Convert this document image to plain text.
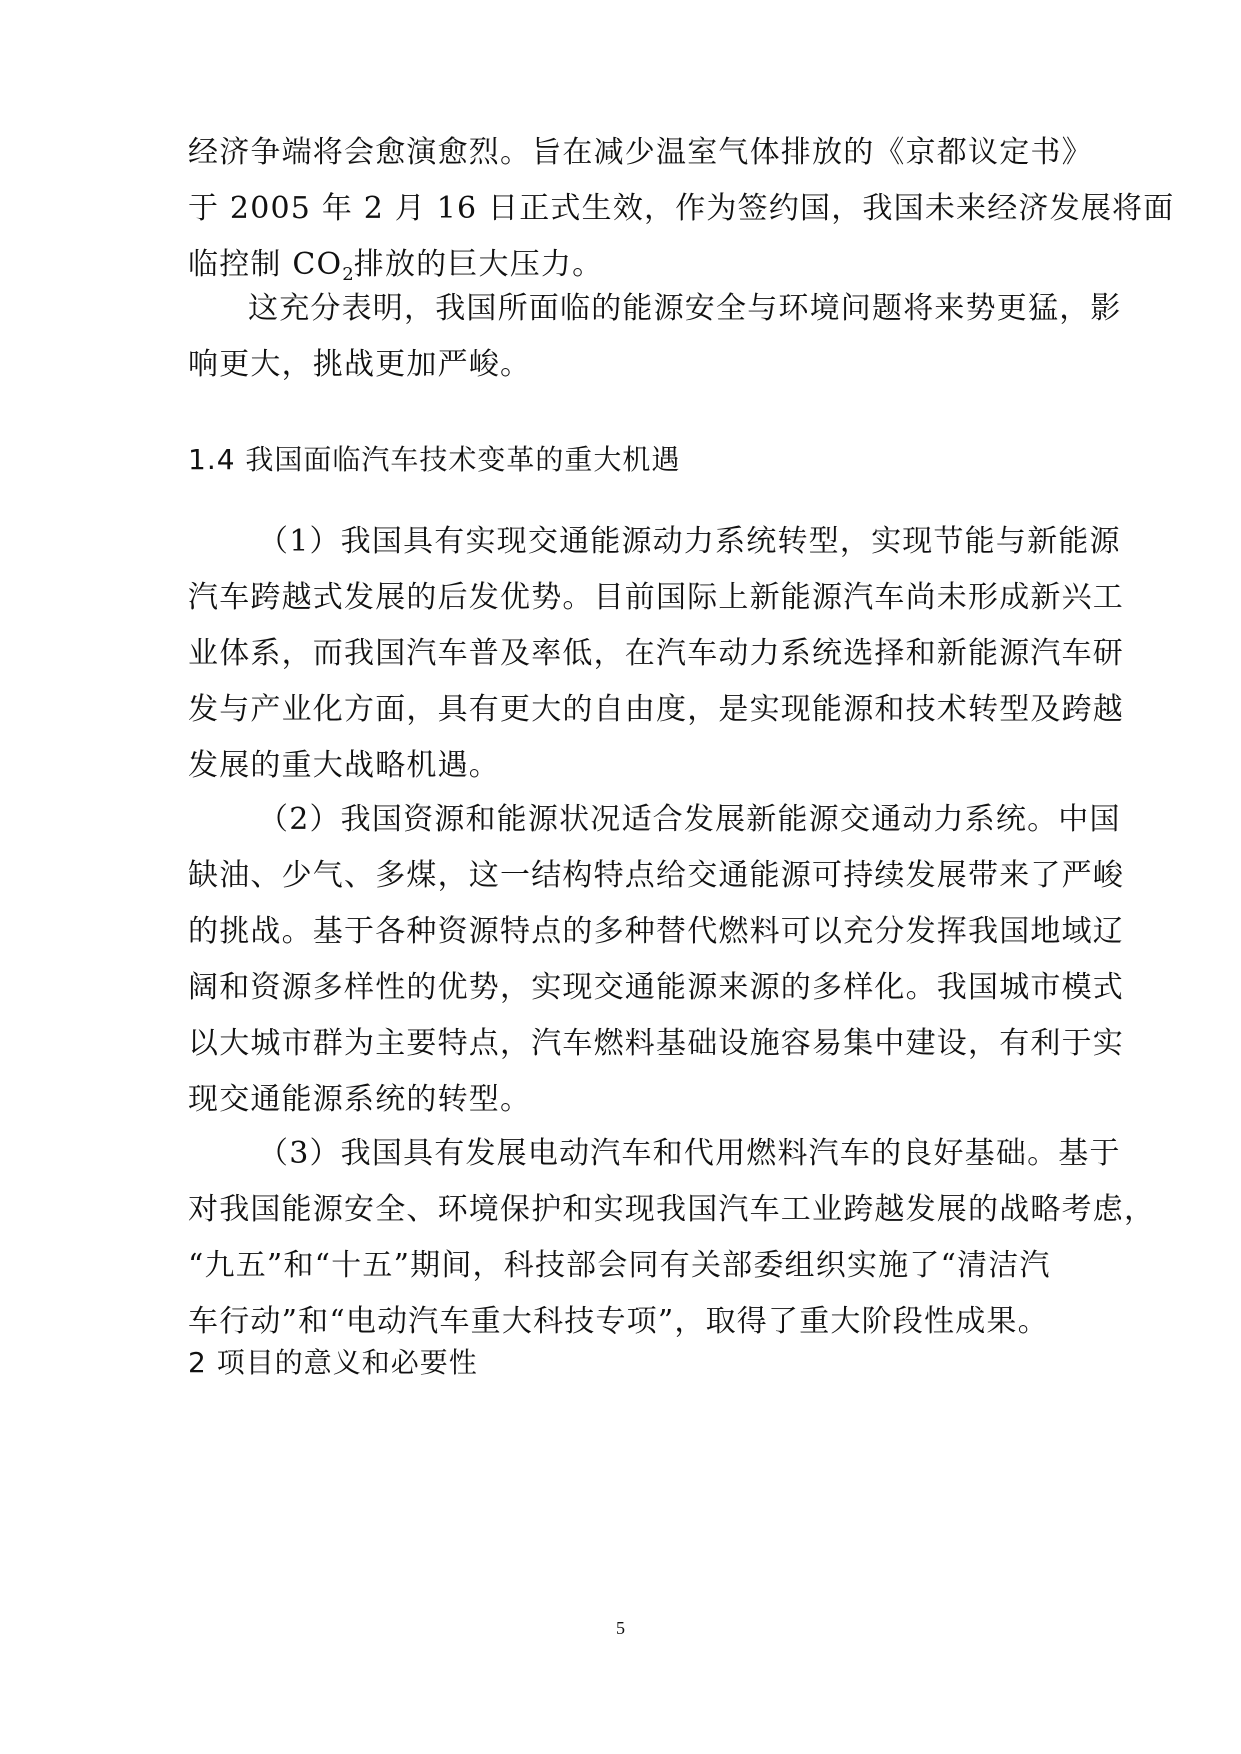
经济争端将会愈演愈烈。旨在减少温室气体排放的《京都议定书》
于 2005 年 2 月 16 日正式生效，作为签约国，我国未来经济发展将面
临控制 $CO_2$排放的巨大压力。
这充分表明，我国所面临的能源安全与环境问题将来势更猛，影
响更大，挑战更加严峻。
1.4 我国面临汽车技术变革的重大机遇
（1）我国具有实现交通能源动力系统转型，实现节能与新能源
汽车跨越式发展的后发优势。目前国际上新能源汽车尚未形成新兴工
业体系，而我国汽车普及率低，在汽车动力系统选择和新能源汽车研
发与产业化方面，具有更大的自由度，是实现能源和技术转型及跨越
发展的重大战略机遇。
（2）我国资源和能源状况适合发展新能源交通动力系统。中国
缺油、少气、多煤，这一结构特点给交通能源可持续发展带来了严峻
的挑战。基于各种资源特点的多种替代燃料可以充分发挥我国地域辽
阔和资源多样性的优势，实现交通能源来源的多样化。我国城市模式
以大城市群为主要特点，汽车燃料基础设施容易集中建设，有利于实
现交通能源系统的转型。
（3）我国具有发展电动汽车和代用燃料汽车的良好基础。基于
对我国能源安全、环境保护和实现我国汽车工业跨越发展的战略考虑，
“九五”和“十五”期间，科技部会同有关部委组织实施了“清洁汽
车行动”和“电动汽车重大科技专项”，取得了重大阶段性成果。
2 项目的意义和必要性
5
